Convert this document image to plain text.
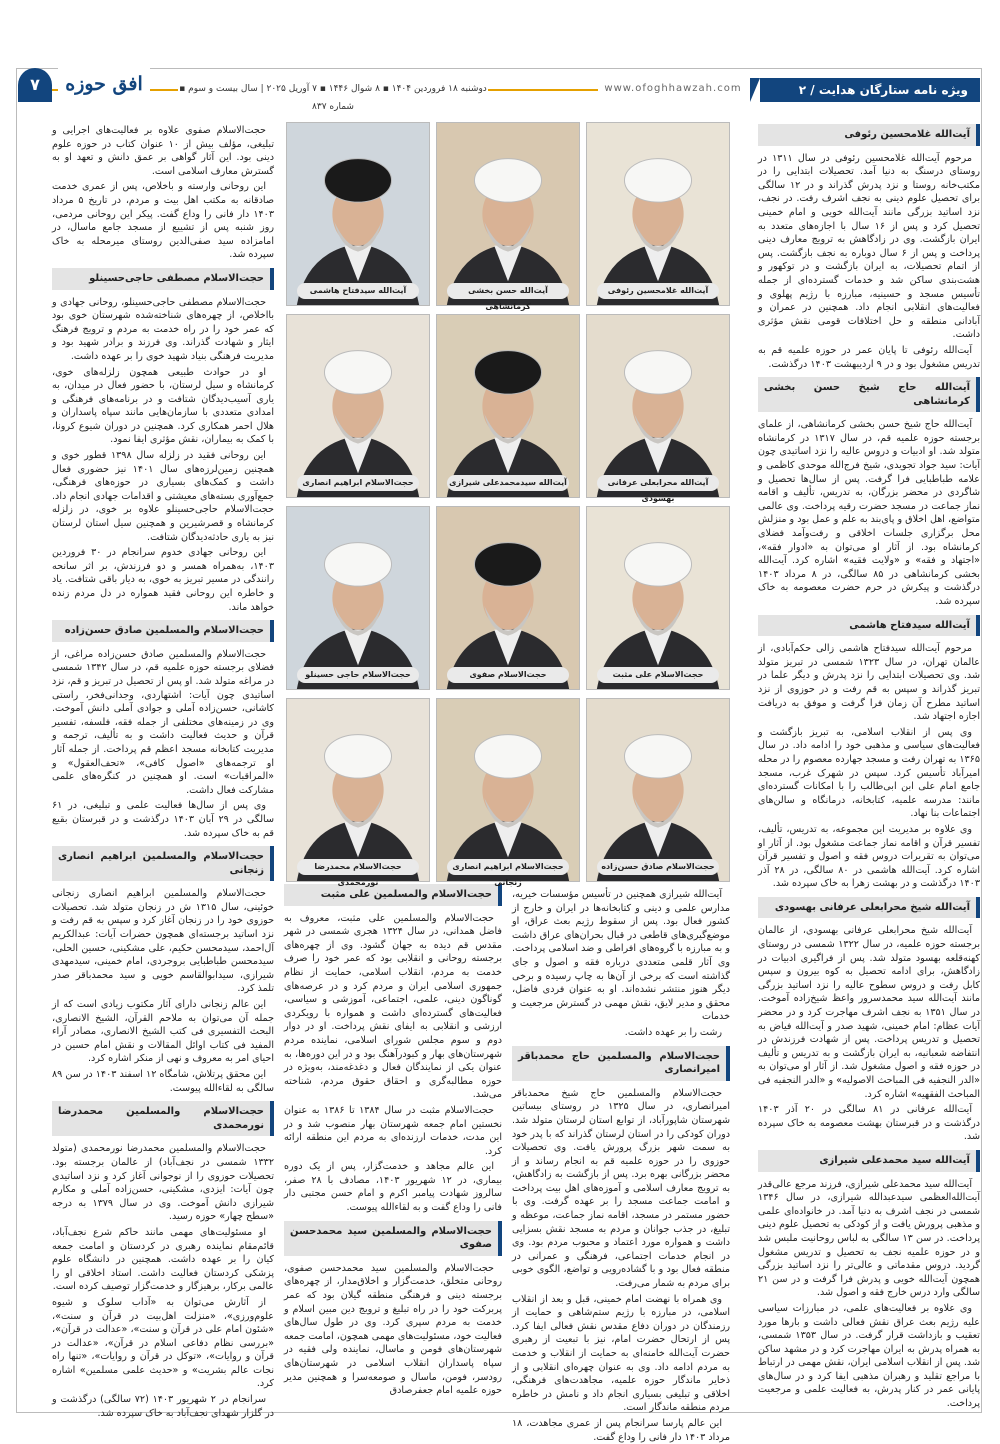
ویژه نامه ستارگان هدایت / ۲
www.ofoghhawzah.com
دوشنبه ۱۸ فروردین ۱۴۰۴ ▪ ۸ شوال ۱۴۴۶ ▪ ۷ آوریل ۲۰۲۵ | سال بیست و سوم ▪ شماره ۸۳۷
افق حوزه
۷
آیت‌الله غلامحسین رئوفی

مرحوم آیت‌الله غلامحسین رئوفی در سال ۱۳۱۱ در روستای درسنگ به دنیا آمد. تحصیلات ابتدایی را در مکتب‌خانه روستا و نزد پدرش گذراند و در ۱۲ سالگی برای تحصیل علوم دینی به نجف اشرف رفت. در نجف، نزد اساتید بزرگی مانند آیت‌الله خویی و امام خمینی تحصیل کرد و پس از ۱۶ سال با اجازه‌های متعدد به ایران بازگشت. وی در زادگاهش به ترویج معارف دینی پرداخت و پس از ۶ سال دوباره به نجف بازگشت. پس از اتمام تحصیلات، به ایران بازگشت و در توکهور و هشت‌بندی ساکن شد و خدمات گسترده‌ای از جمله تأسیس مسجد و حسینیه، مبارزه با رژیم پهلوی و فعالیت‌های انقلابی انجام داد. همچنین در عمران و آبادانی منطقه و حل اختلافات قومی نقش مؤثری داشت.

آیت‌الله رئوفی تا پایان عمر در حوزه علمیه قم به تدریس مشغول بود و در ۹ اردیبهشت ۱۴۰۳ درگذشت.

آیت‌الله حاج شیخ حسن بخشی کرمانشاهی

آیت‌الله حاج شیخ حسن بخشی کرمانشاهی، از علمای برجسته حوزه علمیه قم، در سال ۱۳۱۷ در کرمانشاه متولد شد. او ادبیات و دروس عالیه را نزد اساتیدی چون آیات: سید جواد تجویدی، شیخ فرج‌الله موحدی کاظمی و علامه طباطبایی فرا گرفت. پس از سال‌ها تحصیل و شاگردی در محضر بزرگان، به تدریس، تألیف و اقامه نماز جماعت در مسجد حضرت رقیه پرداخت. وی عالمی متواضع، اهل اخلاق و پای‌بند به علم و عمل بود و منزلش محل برگزاری جلسات اخلاقی و رفت‌وآمد فضلای کرمانشاه بود. از آثار او می‌توان به «ادوار فقه»، «اجتهاد و فقه» و «ولایت فقیه» اشاره کرد. آیت‌الله بخشی کرمانشاهی در ۸۵ سالگی، در ۸ مرداد ۱۴۰۳ درگذشت و پیکرش در حرم حضرت معصومه به خاک سپرده شد.

آیت‌الله سیدفتاح هاشمی

مرحوم آیت‌الله سیدفتاح هاشمی زالی حکم‌آبادی، از عالمان تهران، در سال ۱۳۲۳ شمسی در تبریز متولد شد. وی تحصیلات ابتدایی را نزد پدرش و دیگر علما در تبریز گذراند و سپس به قم رفت و در حوزوی از نزد اساتید مطرح آن زمان فرا گرفت و موفق به دریافت اجازه اجتهاد شد.

وی پس از انقلاب اسلامی، به تبریز بازگشت و فعالیت‌های سیاسی و مذهبی خود را ادامه داد. در سال ۱۳۶۵ به تهران رفت و مسجد جهارده معصوم را در محله امیرآباد تأسیس کرد. سپس در شهرک غرب، مسجد جامع امام علی ابن ابی‌طالب را با امکانات گسترده‌ای مانند: مدرسه علمیه، کتابخانه، درمانگاه و سالن‌های اجتماعات بنا نهاد.

وی علاوه بر مدیریت این مجموعه، به تدریس، تألیف، تفسیر قرآن و اقامه نماز جماعت مشغول بود. از آثار او می‌توان به تقریرات دروس فقه و اصول و تفسیر قرآن اشاره کرد. آیت‌الله هاشمی در ۸۰ سالگی، در ۲۸ آذر ۱۴۰۳ درگذشت و در بهشت زهرا به خاک سپرده شد.

آیت‌الله شیخ محرابعلی عرفانی بهسودی

آیت‌الله شیخ محرابعلی عرفانی بهسودی، از عالمان برجسته حوزه علمیه، در سال ۱۳۲۲ شمسی در روستای کهنه‌قلعه بهسود متولد شد. پس از فراگیری ادبیات در زادگاهش، برای ادامه تحصیل به کوه بیرون و سپس کابل رفت و دروس سطوح عالیه را نزد اساتید بزرگی مانند آیت‌الله سید محمدسرور واعظ شیخ‌زاده آموخت. در سال ۱۳۵۱ به نجف اشرف مهاجرت کرد و در محضر آیات عظام: امام خمینی، شهید صدر و آیت‌الله فیاض به تحصیل و تدریس پرداخت. پس از شهادت فرزندش در انتفاضه شعبانیه، به ایران بازگشت و به تدریس و تألیف در حوزه فقه و اصول مشغول شد. از آثار او می‌توان به «الدر النجفیه فی المباحث الاصولیه» و «الدر النجفیه فی المباحث الفقهیه» اشاره کرد.

آیت‌الله عرفانی در ۸۱ سالگی در ۲۰ آذر ۱۴۰۳ درگذشت و در قبرستان بهشت معصومه به خاک سپرده شد.

آیت‌الله سید محمدعلی شیرازی

آیت‌الله سید محمدعلی شیرازی، فرزند مرجع عالی‌قدر آیت‌الله‌العظمی سیدعبدالله شیرازی، در سال ۱۳۴۶ شمسی در نجف اشرف به دنیا آمد. در خانواده‌ای علمی و مذهبی پرورش یافت و از کودکی به تحصیل علوم دینی پرداخت. در سن ۱۳ سالگی به لباس روحانیت ملبس شد و در حوزه علمیه نجف به تحصیل و تدریس مشغول گردید. دروس مقدماتی و عالی‌تر را نزد اساتید بزرگی همچون آیت‌الله خویی و پدرش فرا گرفت و در سن ۲۱ سالگی وارد درس خارج فقه و اصول شد.

وی علاوه بر فعالیت‌های علمی، در مبارزات سیاسی علیه رژیم بعث عراق نقش فعالی داشت و بارها مورد تعقیب و بازداشت قرار گرفت. در سال ۱۳۵۳ شمسی، به همراه پدرش به ایران مهاجرت کرد و در مشهد ساکن شد. پس از انقلاب اسلامی ایران، نقش مهمی در ارتباط با مراجع تقلید و رهبران مذهبی ایفا کرد و در سال‌های پایانی عمر در کنار پدرش، به فعالیت علمی و مرجعیت پرداخت.

آیت‌الله غلامحسین رئوفی
آیت‌الله حسن بخشی کرمانشاهی
آیت‌الله سیدفتاح هاشمی
آیت‌الله محرابعلی عرفانی بهسودی
آیت‌الله سیدمحمدعلی شیرازی
حجت‌الاسلام ابراهیم انصاری
حجت‌الاسلام علی مثبت
حجت‌الاسلام صفوی
حجت‌الاسلام حاجی حسینلو
حجت‌الاسلام صادق حسن‌زاده
حجت‌الاسلام ابراهیم انصاری زنجانی
حجت‌الاسلام محمدرضا نورمحمدی

آیت‌الله شیرازی همچنین در تأسیس مؤسسات خیریه، مدارس علمی و دینی و کتابخانه‌ها در ایران و خارج از کشور فعال بود. پس از سقوط رژیم بعث عراق، او موضع‌گیری‌های قاطعی در قبال بحران‌های عراق داشت و به مبارزه با گروه‌های افراطی و ضد اسلامی پرداخت. وی آثار قلمی متعددی درباره فقه و اصول و جای گذاشته است که برخی از آن‌ها به چاپ رسیده و برخی دیگر هنوز منتشر نشده‌اند. او به عنوان فردی فاضل، محقق و مدیر لایق، نقش مهمی در گسترش مرجعیت و خدمات

رشت را بر عهده داشت.

حجت‌الاسلام والمسلمین حاج محمدباقر امیرانصاری

حجت‌الاسلام والمسلمین حاج شیخ محمدباقر امیرانصاری، در سال ۱۳۲۵ در روستای بیساتین شهرستان شاپورآباد، از توابع استان لرستان متولد شد. دوران کودکی را در استان لرستان گذراند که با پدر خود به سمت شهر بزرگ پرورش یافت. وی تحصیلات حوزوی را در حوزه علمیه قم به انجام رساند و از محضر بزرگانی بهره برد. پس از بازگشت به زادگاهش، به ترویج معارف اسلامی و آموزه‌های اهل بیت پرداخت و امامت جماعت مسجد را بر عهده گرفت. وی با حضور مستمر در مسجد، اقامه نماز جماعت، موعظه و تبلیغ، در جذب جوانان و مردم به مسجد نقش بسزایی داشت و همواره مورد اعتماد و محبوب مردم بود. وی در انجام خدمات اجتماعی، فرهنگی و عمرانی در منطقه فعال بود و با گشاده‌رویی و تواضع، الگوی خوبی برای مردم به شمار می‌رفت.

وی همراه با نهضت امام خمینی، قبل و بعد از انقلاب اسلامی، در مبارزه با رژیم ستم‌شاهی و حمایت از رزمندگان در دوران دفاع مقدس نقش فعالی ایفا کرد. پس از ارتحال حضرت امام، نیز با تبعیت از رهبری حضرت آیت‌الله خامنه‌ای به حمایت از انقلاب و خدمت به مردم ادامه داد. وی به عنوان چهره‌ای انقلابی و از ذخایر ماندگار حوزه علمیه، مجاهدت‌های فرهنگی، اخلاقی و تبلیغی بسیاری انجام داد و نامش در خاطره مردم منطقه ماندگار است.

این عالم پارسا سرانجام پس از عمری مجاهدت، ۱۸ مرداد ۱۴۰۳ دار فانی را وداع گفت.

حجت‌الاسلام والمسلمین علی مثبت

حجت‌الاسلام والمسلمین علی مثبت، معروف به فاضل همدانی، در سال ۱۳۲۴ هجری شمسی در شهر مقدس قم دیده به جهان گشود. وی از چهره‌های برجسته روحانی و انقلابی بود که عمر خود را صرف خدمت به مردم، انقلاب اسلامی، حمایت از نظام جمهوری اسلامی ایران و مردم کرد و در عرصه‌های گوناگون دینی، علمی، اجتماعی، آموزشی و سیاسی، فعالیت‌های گسترده‌ای داشت و همواره با رویکردی ارزشی و انقلابی به ایفای نقش پرداخت. او در دوار دوم و سوم مجلس شورای اسلامی، نماینده مردم شهرستان‌های بهار و کبودرآهنگ بود و در این دوره‌ها، به عنوان یکی از نمایندگان فعال و دغدغه‌مند، به‌ویژه در حوزه مطالبه‌گری و احقاق حقوق مردم، شناخته می‌شد.

حجت‌الاسلام مثبت در سال ۱۳۸۴ تا ۱۳۸۶ به عنوان نخستین امام جمعه شهرستان بهار منصوب شد و در این مدت، خدمات ارزنده‌ای به مردم این منطقه ارائه کرد.

این عالم مجاهد و خدمت‌گزار، پس از یک دوره بیماری، در ۱۲ شهریور ۱۴۰۳، مصادف با ۲۸ صفر، سالروز شهادت پیامبر اکرم و امام حسن مجتبی دار فانی را وداع گفت و به لقاءالله پیوست.

حجت‌الاسلام والمسلمین سید محمدحسن صفوی

حجت‌الاسلام والمسلمین سید محمدحسن صفوی، روحانی متخلق، خدمت‌گزار و اخلاق‌مدار، از چهره‌های برجسته دینی و فرهنگی منطقه گیلان بود که عمر پربرکت خود را در راه تبلیغ و ترویج دین مبین اسلام و خدمت به مردم سپری کرد. وی در طول سال‌های فعالیت خود، مسئولیت‌های مهمی همچون، امامت جمعه شهرستان‌های فومن و ماسال، نماینده ولی فقیه در سپاه پاسداران انقلاب اسلامی در شهرستان‌های رودسر، فومن، ماسال و صومعه‌سرا و همچنین مدیر حوزه علمیه امام جعفرصادق

حجت‌الاسلام صفوی علاوه بر فعالیت‌های اجرایی و تبلیغی، مؤلف بیش از ۱۰ عنوان کتاب در حوزه علوم دینی بود. این آثار گواهی بر عمق دانش و تعهد او به گسترش معارف اسلامی است.

این روحانی وارسته و باخلاص، پس از عمری خدمت صادقانه به مکتب اهل بیت و مردم، در تاریخ ۵ مرداد ۱۴۰۳ دار فانی را وداع گفت. پیکر این روحانی مردمی، روز شنبه پس از تشییع از مسجد جامع ماسال، در امامزاده سید صفی‌الدین روستای میرمحله به خاک سپرده شد.

حجت‌الاسلام مصطفی حاجی‌حسینلو

حجت‌الاسلام مصطفی حاجی‌حسینلو، روحانی جهادی و بااخلاص، از چهره‌های شناخته‌شده شهرستان خوی بود که عمر خود را در راه خدمت به مردم و ترویج فرهنگ ایثار و شهادت گذراند. وی فرزند و برادر شهید بود و مدیریت فرهنگی بنیاد شهید خوی را بر عهده داشت.

او در حوادث طبیعی همچون زلزله‌های خوی، کرمانشاه و سیل لرستان، با حضور فعال در میدان، به یاری آسیب‌دیدگان شتافت و در برنامه‌های فرهنگی و امدادی متعددی با سازمان‌هایی مانند سپاه پاسداران و هلال احمر همکاری کرد. همچنین در دوران شیوع کرونا، با کمک به بیماران، نقش مؤثری ایفا نمود.

این روحانی فقید در زلزله سال ۱۳۹۸ قطور خوی و همچنین زمین‌لرزه‌های سال ۱۴۰۱ نیز حضوری فعال داشت و کمک‌های بسیاری در حوزه‌های فرهنگی، جمع‌آوری بسته‌های معیشتی و اقدامات جهادی انجام داد. حجت‌الاسلام حاجی‌حسینلو علاوه بر خوی، در زلزله کرمانشاه و قصرشیرین و همچنین سیل استان لرستان نیز به یاری حادثه‌دیدگان شتافت.

این روحانی جهادی خدوم سرانجام در ۳۰ فروردین ۱۴۰۳، به‌همراه همسر و دو فرزندش، بر اثر سانحه رانندگی در مسیر تبریز به خوی، به دیار باقی شتافت. یاد و خاطره این روحانی فقید همواره در دل مردم زنده خواهد ماند.

حجت‌الاسلام والمسلمین صادق حسن‌زاده

حجت‌الاسلام والمسلمین صادق حسن‌زاده مراغی، از فضلای برجسته حوزه علمیه قم، در سال ۱۳۴۲ شمسی در مراغه متولد شد. او پس از تحصیل در تبریز و قم، نزد اساتیدی چون آیات: اشتهاردی، وجدانی‌فخر، راستی کاشانی، حسن‌زاده آملی و جوادی آملی دانش آموخت. وی در زمینه‌های مختلفی از جمله فقه، فلسفه، تفسیر قرآن و حدیث فعالیت داشت و به تألیف، ترجمه و مدیریت کتابخانه مسجد اعظم قم پرداخت. از جمله آثار او ترجمه‌های «اصول کافی»، «تحف‌العقول» و «المراقبات» است. او همچنین در کنگره‌های علمی مشارکت فعال داشت.

وی پس از سال‌ها فعالیت علمی و تبلیغی، در ۶۱ سالگی در ۲۹ آبان ۱۴۰۳ درگذشت و در قبرستان بقیع قم به خاک سپرده شد.

حجت‌الاسلام والمسلمین ابراهیم انصاری زنجانی

حجت‌الاسلام والمسلمین ابراهیم انصاری زنجانی خوئینی، سال ۱۳۱۵ ش در زنجان متولد شد. تحصیلات حوزوی خود را در زنجان آغاز کرد و سپس به قم رفت و نزد اساتید برجسته‌ای همچون حضرات آیات: عبدالکریم آل‌احمد، سیدمحسن حکیم، علی مشکینی، حسین الحلی، سیدمحسن طباطبایی بروجردی، امام خمینی، سیدمهدی شیرازی، سیدابوالقاسم خویی و سید محمدباقر صدر تلمذ کرد.

این عالم زنجانی دارای آثار مکتوب زیادی است که از جمله آن می‌توان به ملاحم القرآن، الشیخ الانصاری، البحث التفسیری فی کتب الشیخ الانصاری، مصادر آراء المفید فی کتاب اوائل المقالات و نقش امام حسین در احیای امر به معروف و نهی از منکر اشاره کرد.

این محقق پرتلاش، شامگاه ۱۲ اسفند ۱۴۰۳ در سن ۸۹ سالگی به لقاءالله پیوست.

حجت‌الاسلام والمسلمین محمدرضا نورمحمدی

حجت‌الاسلام والمسلمین محمدرضا نورمحمدی (متولد ۱۳۳۲ شمسی در نجف‌آباد) از عالمان برجسته بود. تحصیلات حوزوی را از نوجوانی آغاز کرد و نزد اساتیدی چون آیات: ایزدی، مشکینی، حسن‌زاده آملی و مکارم شیرازی دانش آموخت. وی در سال ۱۳۷۹ به درجه «سطح چهار» حوزه رسید.

او مسئولیت‌های مهمی مانند حاکم شرع نجف‌آباد، قائم‌مقام نماینده رهبری در کردستان و امامت جمعه کیان را بر عهده داشت. همچنین در دانشگاه علوم پزشکی کردستان فعالیت داشت. استاد اخلاقی او را عالمی برکار، برهیزگار و خدمت‌گزار توصیف کرده است.

از آثارش می‌توان به «آداب سلوک و شیوه علوم‌ورزی»، «منزلت اهل‌بیت در قرآن و سنت»، «شئون امام علی در قرآن و سنت»، «عدالت در قرآن»، «بررسی نظام دفاعی اسلام در قرآن»، «عدالت در قرآن و روایات»، «توکل در قرآن و روایات»، «تنها راه نجات عالم بشریت» و «حدیث علمی مسلمین» اشاره کرد.

سرانجام در ۲ شهریور ۱۴۰۳ (۷۲ سالگی) درگذشت و در گلزار شهدای نجف‌آباد به خاک سپرده شد.
